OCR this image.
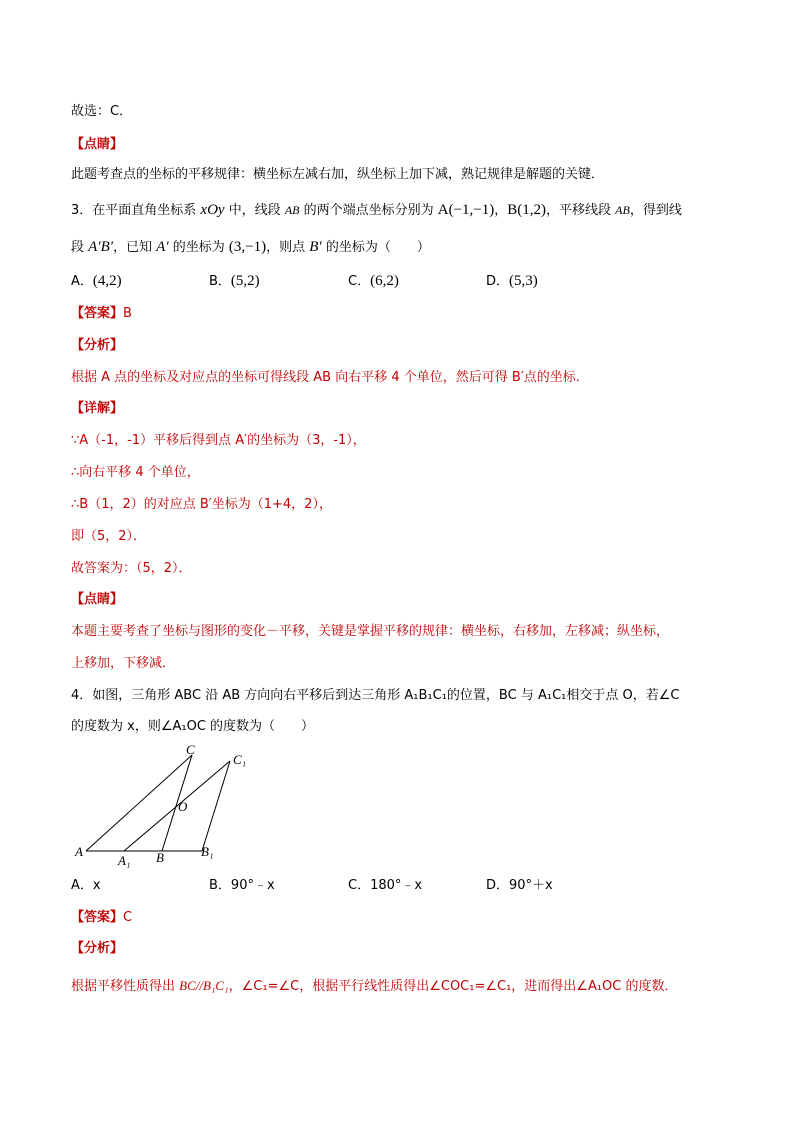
故选：C．
【点睛】
此题考查点的坐标的平移规律：横坐标左减右加，纵坐标上加下减，熟记规律是解题的关键．
3．在平面直角坐标系 xOy 中，线段 AB 的两个端点坐标分别为 A(−1,−1)，B(1,2)，平移线段 AB，得到线
段 A′B′，已知 A′ 的坐标为 (3,−1)，则点 B′ 的坐标为（　　）
A．(4,2)	B．(5,2)	C．(6,2)	D．(5,3)
【答案】B
【分析】
根据 A 点的坐标及对应点的坐标可得线段 AB 向右平移 4 个单位，然后可得 B′点的坐标．
【详解】
∵A（-1，-1）平移后得到点 A′的坐标为（3，-1），
∴向右平移 4 个单位，
∴B（1，2）的对应点 B′坐标为（1+4，2），
即（5，2）．
故答案为：（5，2）．
【点睛】
本题主要考查了坐标与图形的变化－平移，关键是掌握平移的规律：横坐标，右移加，左移减；纵坐标，
上移加，下移减．
4．如图，三角形 ABC 沿 AB 方向向右平移后到达三角形 A₁B₁C₁的位置，BC 与 A₁C₁相交于点 O，若∠C
的度数为 x，则∠A₁OC 的度数为（　　）
A
A₁ B	B₁
C
C₁
O
A．x	B．90°﹣x	C．180°﹣x	D．90°＋x
【答案】C
【分析】
根据平移性质得出 BC//B₁C₁，∠C₁=∠C，根据平行线性质得出∠COC₁=∠C₁，进而得出∠A₁OC 的度数．
